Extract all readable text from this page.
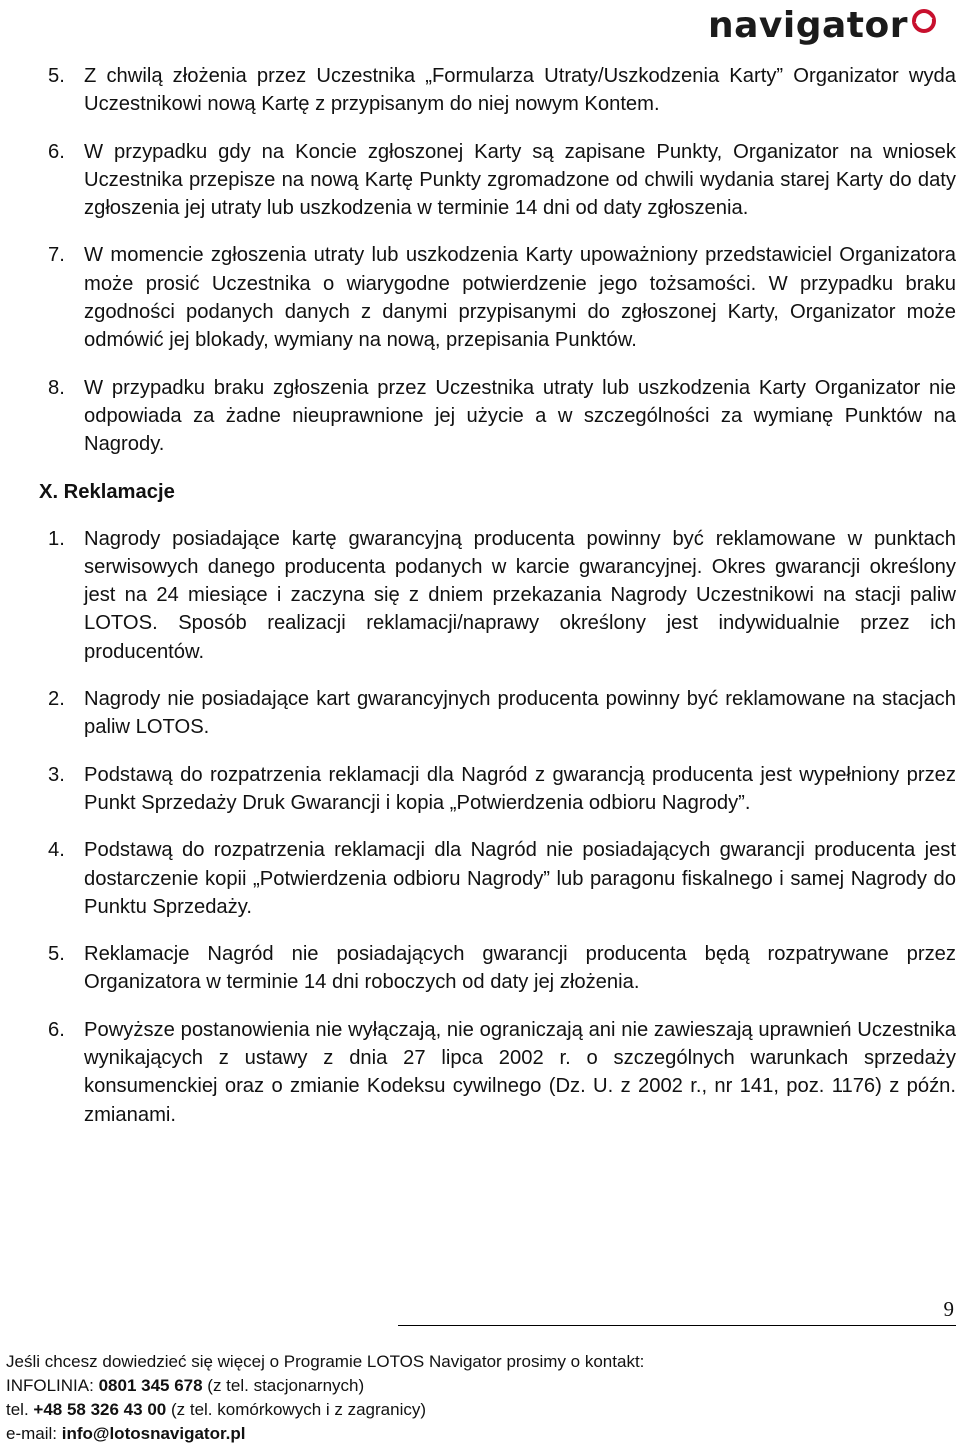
navigator
5. Z chwilą złożenia przez Uczestnika „Formularza Utraty/Uszkodzenia Karty” Organizator wyda Uczestnikowi nową Kartę z przypisanym do niej nowym Kontem.
6. W przypadku gdy na Koncie zgłoszonej Karty są zapisane Punkty, Organizator na wniosek Uczestnika przepisze na nową Kartę Punkty zgromadzone od chwili wydania starej Karty do daty zgłoszenia jej utraty lub uszkodzenia w terminie 14 dni od daty zgłoszenia.
7. W momencie zgłoszenia utraty lub uszkodzenia Karty upoważniony przedstawiciel Organizatora może prosić Uczestnika o wiarygodne potwierdzenie jego tożsamości. W przypadku braku zgodności podanych danych z danymi przypisanymi do zgłoszonej Karty, Organizator może odmówić jej blokady, wymiany na nową, przepisania Punktów.
8. W przypadku braku zgłoszenia przez Uczestnika utraty lub uszkodzenia Karty Organizator nie odpowiada za żadne nieuprawnione jej użycie a w szczególności za wymianę Punktów na Nagrody.
X. Reklamacje
1. Nagrody posiadające kartę gwarancyjną producenta powinny być reklamowane w punktach serwisowych danego producenta podanych w karcie gwarancyjnej. Okres gwarancji określony jest na 24 miesiące i zaczyna się z dniem przekazania Nagrody Uczestnikowi na stacji paliw LOTOS. Sposób realizacji reklamacji/naprawy określony jest indywidualnie przez ich producentów.
2. Nagrody nie posiadające kart gwarancyjnych producenta powinny być reklamowane na stacjach paliw LOTOS.
3. Podstawą do rozpatrzenia reklamacji dla Nagród z gwarancją producenta jest wypełniony przez Punkt Sprzedaży Druk Gwarancji i kopia „Potwierdzenia odbioru Nagrody”.
4. Podstawą do rozpatrzenia reklamacji dla Nagród nie posiadających gwarancji producenta jest dostarczenie kopii „Potwierdzenia odbioru Nagrody” lub paragonu fiskalnego i samej Nagrody do Punktu Sprzedaży.
5. Reklamacje Nagród nie posiadających gwarancji producenta będą rozpatrywane przez Organizatora w terminie 14 dni roboczych od daty jej złożenia.
6. Powyższe postanowienia nie wyłączają, nie ograniczają ani nie zawieszają uprawnień Uczestnika wynikających z ustawy z dnia 27 lipca 2002 r. o szczególnych warunkach sprzedaży konsumenckiej oraz o zmianie Kodeksu cywilnego (Dz. U. z 2002 r., nr 141, poz. 1176) z późn. zmianami.
9
Jeśli chcesz dowiedzieć się więcej o Programie LOTOS Navigator prosimy o kontakt:
INFOLINIA: 0801 345 678 (z tel. stacjonarnych)
tel. +48 58 326 43 00 (z tel. komórkowych i z zagranicy)
e-mail: info@lotosnavigator.pl
